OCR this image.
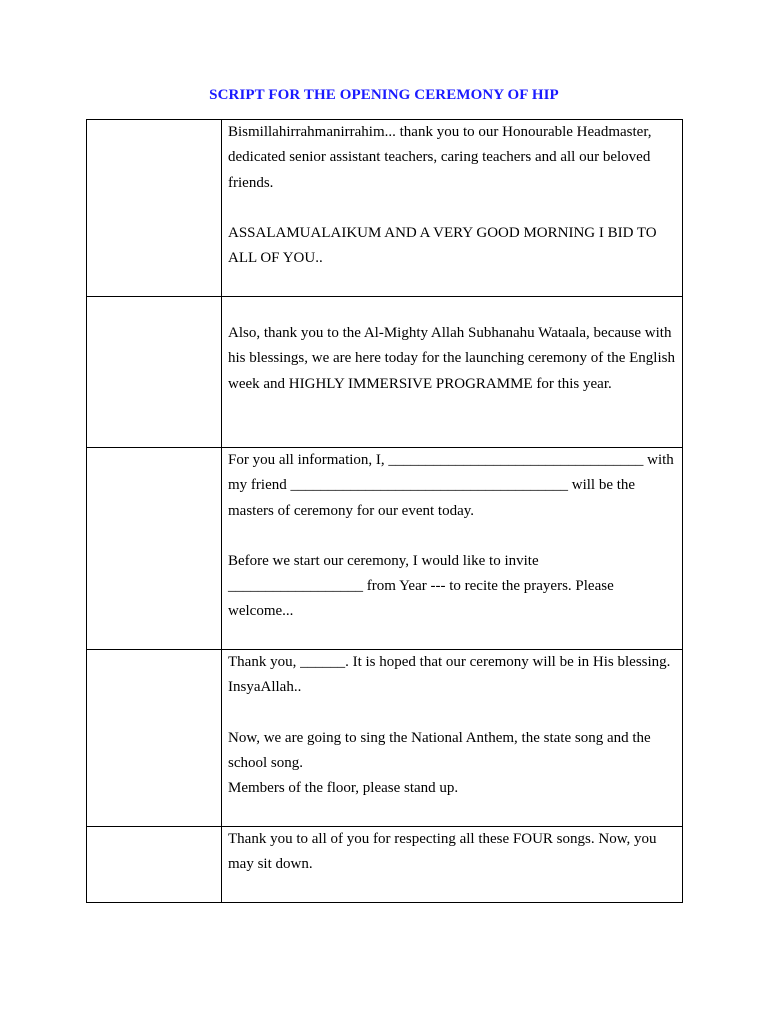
SCRIPT FOR THE OPENING CEREMONY OF HIP

	Bismillahirrahmanirrahim... thank you to our Honourable Headmaster, dedicated senior assistant teachers, caring teachers and all our beloved friends.

ASSALAMUALAIKUM AND A VERY GOOD MORNING I BID TO ALL OF YOU..

	Also, thank you to the Al-Mighty Allah Subhanahu Wataala, because with his blessings, we are here today for the launching ceremony of the English week and HIGHLY IMMERSIVE PROGRAMME for this year.

	For you all information, I, __________________________________ with my friend _____________________________________ will be the masters of ceremony for our event today.

Before we start our ceremony, I would like to invite __________________ from Year --- to recite the prayers. Please welcome...

	Thank you, ______. It is hoped that our ceremony will be in His blessing. InsyaAllah..

Now, we are going to sing the National Anthem, the state song and the school song.

Members of the floor, please stand up.

	Thank you to all of you for respecting all these FOUR songs. Now, you may sit down.
